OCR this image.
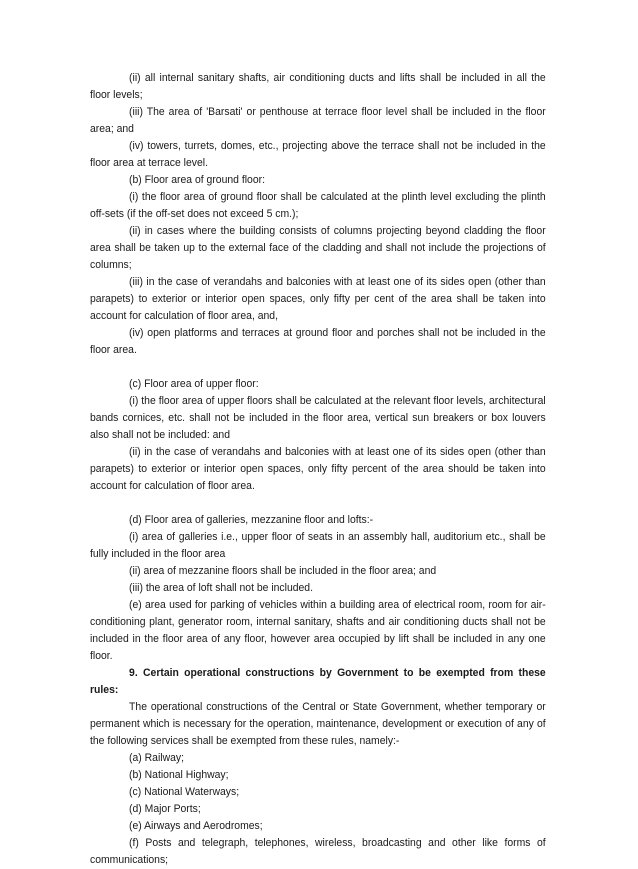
(ii) all internal sanitary shafts, air conditioning ducts and lifts shall be included in all the floor levels;

(iii) The area of 'Barsati' or penthouse at terrace floor level shall be included in the floor area; and

(iv) towers, turrets, domes, etc., projecting above the terrace shall not be included in the floor area at terrace level.

(b) Floor area of ground floor:

(i) the floor area of ground floor shall be calculated at the plinth level excluding the plinth off-sets (if the off-set does not exceed 5 cm.);

(ii) in cases where the building consists of columns projecting beyond cladding the floor area shall be taken up to the external face of the cladding and shall not include the projections of columns;

(iii) in the case of verandahs and balconies with at least one of its sides open (other than parapets) to exterior or interior open spaces, only fifty per cent of the area shall be taken into account for calculation of floor area, and,

(iv) open platforms and terraces at ground floor and porches shall not be included in the floor area.

(c) Floor area of upper floor:

(i) the floor area of upper floors shall be calculated at the relevant floor levels, architectural bands cornices, etc. shall not be included in the floor area, vertical sun breakers or box louvers also shall not be included: and

(ii) in the case of verandahs and balconies with at least one of its sides open (other than parapets) to exterior or interior open spaces, only fifty percent of the area should be taken into account for calculation of floor area.

(d) Floor area of galleries, mezzanine floor and lofts:-

(i) area of galleries i.e., upper floor of seats in an assembly hall, auditorium etc., shall be fully included in the floor area

(ii) area of mezzanine floors shall be included in the floor area; and

(iii) the area of loft shall not be included.

(e) area used for parking of vehicles within a building area of electrical room, room for air-conditioning plant, generator room, internal sanitary, shafts and air conditioning ducts shall not be included in the floor area of any floor, however area occupied by lift shall be included in any one floor.

9. Certain operational constructions by Government to be exempted from these rules:

The operational constructions of the Central or State Government, whether temporary or permanent which is necessary for the operation, maintenance, development or execution of any of the following services shall be exempted from these rules, namely:-

(a) Railway;

(b) National Highway;

(c) National Waterways;

(d) Major Ports;

(e) Airways and Aerodromes;

(f) Posts and telegraph, telephones, wireless, broadcasting and other like forms of communications;
